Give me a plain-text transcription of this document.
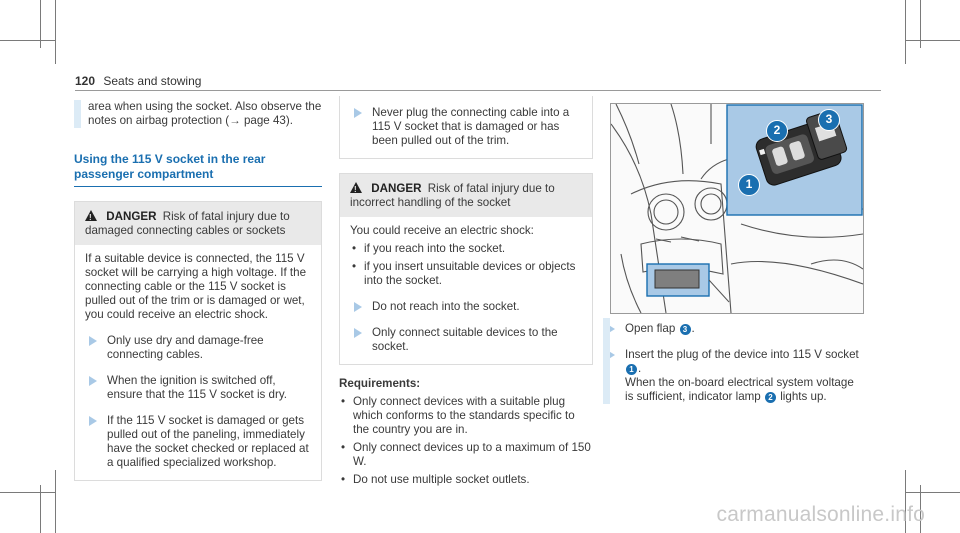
120 Seats and stowing
area when using the socket. Also observe the notes on airbag protection (→ page 43).
Using the 115 V socket in the rear passenger compartment
! DANGER Risk of fatal injury due to damaged connecting cables or sockets
If a suitable device is connected, the 115 V socket will be carrying a high voltage. If the connecting cable or the 115 V socket is pulled out of the trim or is damaged or wet, you could receive an electric shock.
Only use dry and damage-free connecting cables.
When the ignition is switched off, ensure that the 115 V socket is dry.
If the 115 V socket is damaged or gets pulled out of the paneling, immediately have the socket checked or replaced at a qualified specialized workshop.
Never plug the connecting cable into a 115 V socket that is damaged or has been pulled out of the trim.
! DANGER Risk of fatal injury due to incorrect handling of the socket
You could receive an electric shock:
• if you reach into the socket.
• if you insert unsuitable devices or objects into the socket.
Do not reach into the socket.
Only connect suitable devices to the socket.
Requirements:
• Only connect devices with a suitable plug which conforms to the standards specific to the country you are in.
• Only connect devices up to a maximum of 150 W.
• Do not use multiple socket outlets.
1
2
3
Open flap 3 .
Insert the plug of the device into 115 V socket 1 .
When the on-board electrical system voltage is sufficient, indicator lamp 2 lights up.
carmanualsonline.info
